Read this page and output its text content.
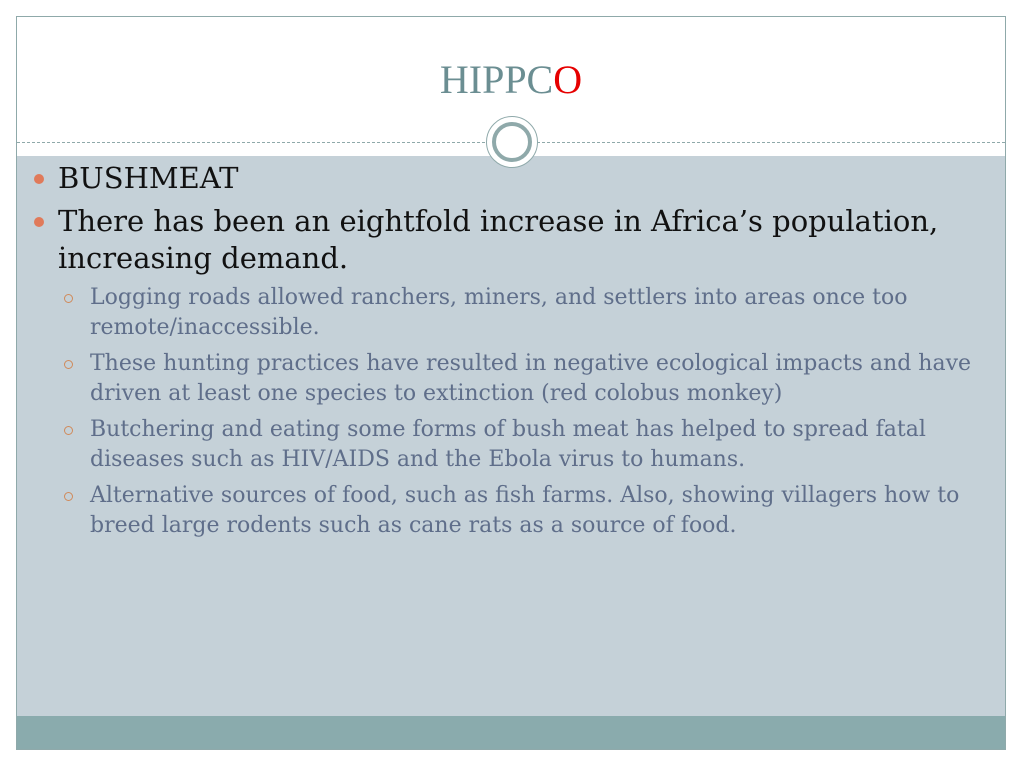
HIPPCO
BUSHMEAT
There has been an eightfold increase in Africa’s population, increasing demand.
Logging roads allowed ranchers, miners, and settlers into areas once too remote/inaccessible.
These hunting practices have resulted in negative ecological impacts and have driven at least one species to extinction (red colobus monkey)
Butchering and eating some forms of bush meat has helped to spread fatal diseases such as HIV/AIDS and the Ebola virus to humans.
Alternative sources of food, such as fish farms. Also, showing villagers how to breed large rodents such as cane rats as a source of food.
